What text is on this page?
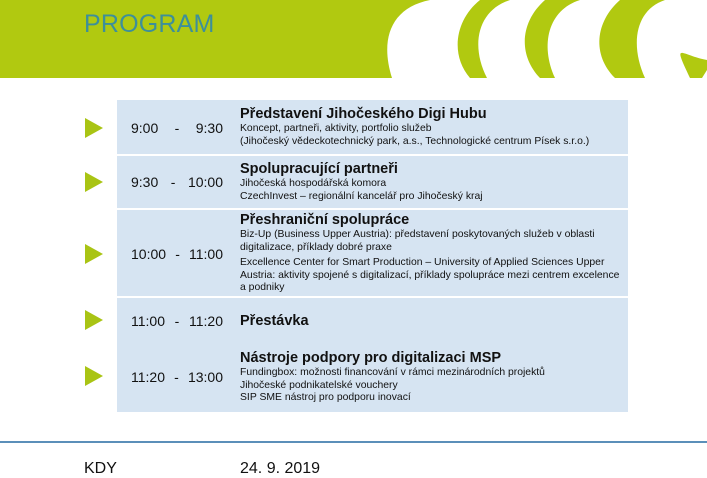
PROGRAM
9:00 - 9:30
Představení Jihočeského Digi Hubu
Koncept, partneři, aktivity, portfolio služeb
(Jihočeský vědeckotechnický park, a.s., Technologické centrum Písek s.r.o.)
9:30 - 10:00
Spolupracující partneři
Jihočeská hospodářská komora
CzechInvest – regionální kancelář pro Jihočeský kraj
10:00 - 11:00
Přeshraniční spolupráce
Biz-Up (Business Upper Austria): představení poskytovaných služeb v oblasti digitalizace, příklady dobré praxe
Excellence Center for Smart Production – University of Applied Sciences Upper Austria: aktivity spojené s digitalizací, příklady spolupráce mezi centrem excelence a podniky
11:00 - 11:20 Přestávka
11:20 - 13:00
Nástroje podpory pro digitalizaci MSP
Fundingbox: možnosti financování v rámci mezinárodních projektů
Jihočeské podnikatelské vouchery
SIP SME nástroj pro podporu inovací
KDY	24. 9. 2019
